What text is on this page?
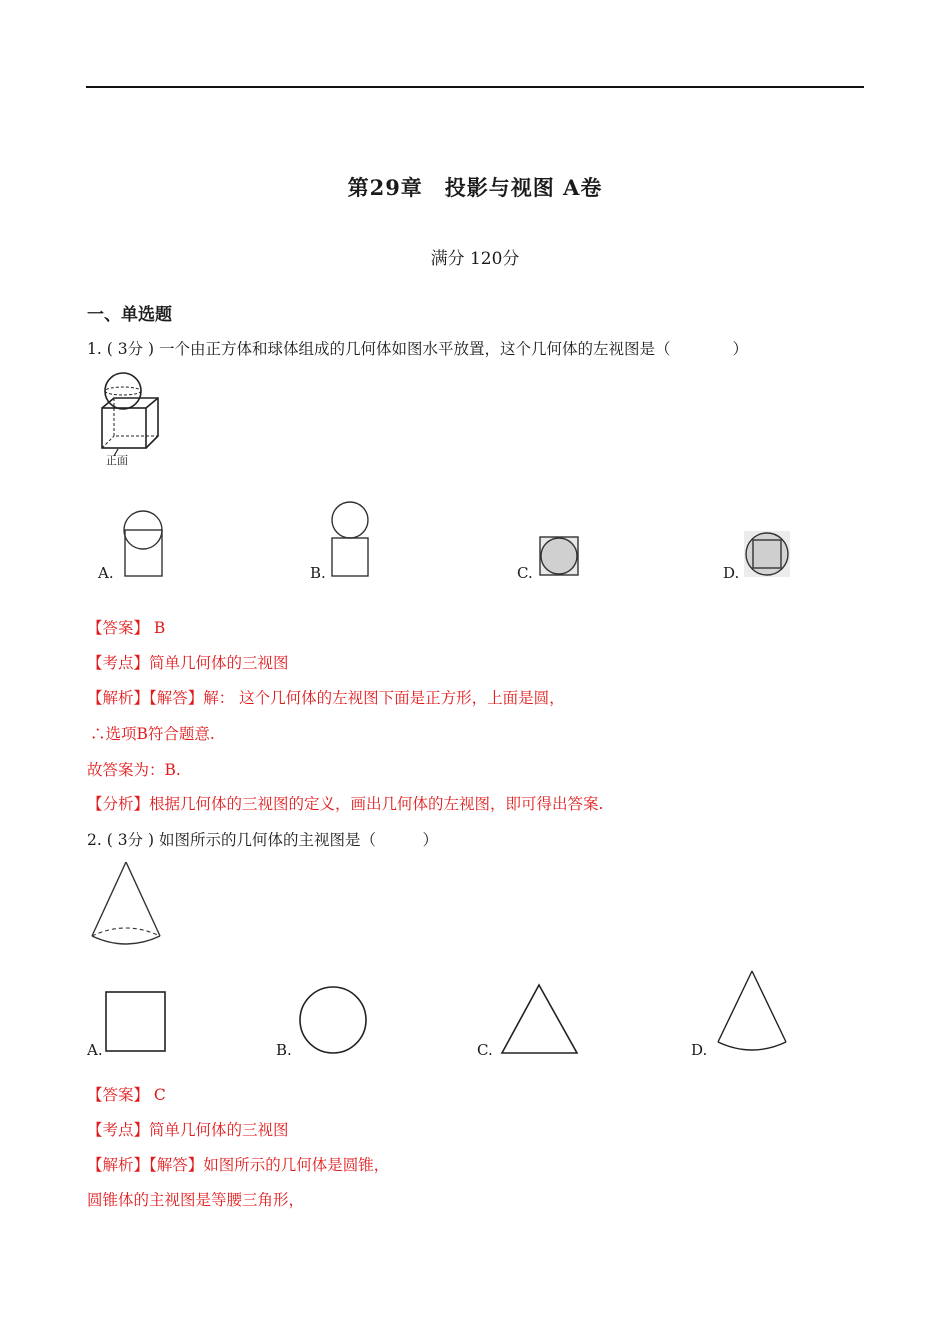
第29章　投影与视图 A卷
满分 120分
一、单选题
1. ( 3分 ) 一个由正方体和球体组成的几何体如图水平放置，这个几何体的左视图是（　　　　）
正面
A.	B.	C.	D.
【答案】 B
【考点】简单几何体的三视图
【解析】【解答】解： 这个几何体的左视图下面是正方形，上面是圆，
∴选项B符合题意.
故答案为：B.
【分析】根据几何体的三视图的定义，画出几何体的左视图，即可得出答案.
2. ( 3分 ) 如图所示的几何体的主视图是（　　　）
A.	B.	C.	D.
【答案】 C
【考点】简单几何体的三视图
【解析】【解答】如图所示的几何体是圆锥，
圆锥体的主视图是等腰三角形，
